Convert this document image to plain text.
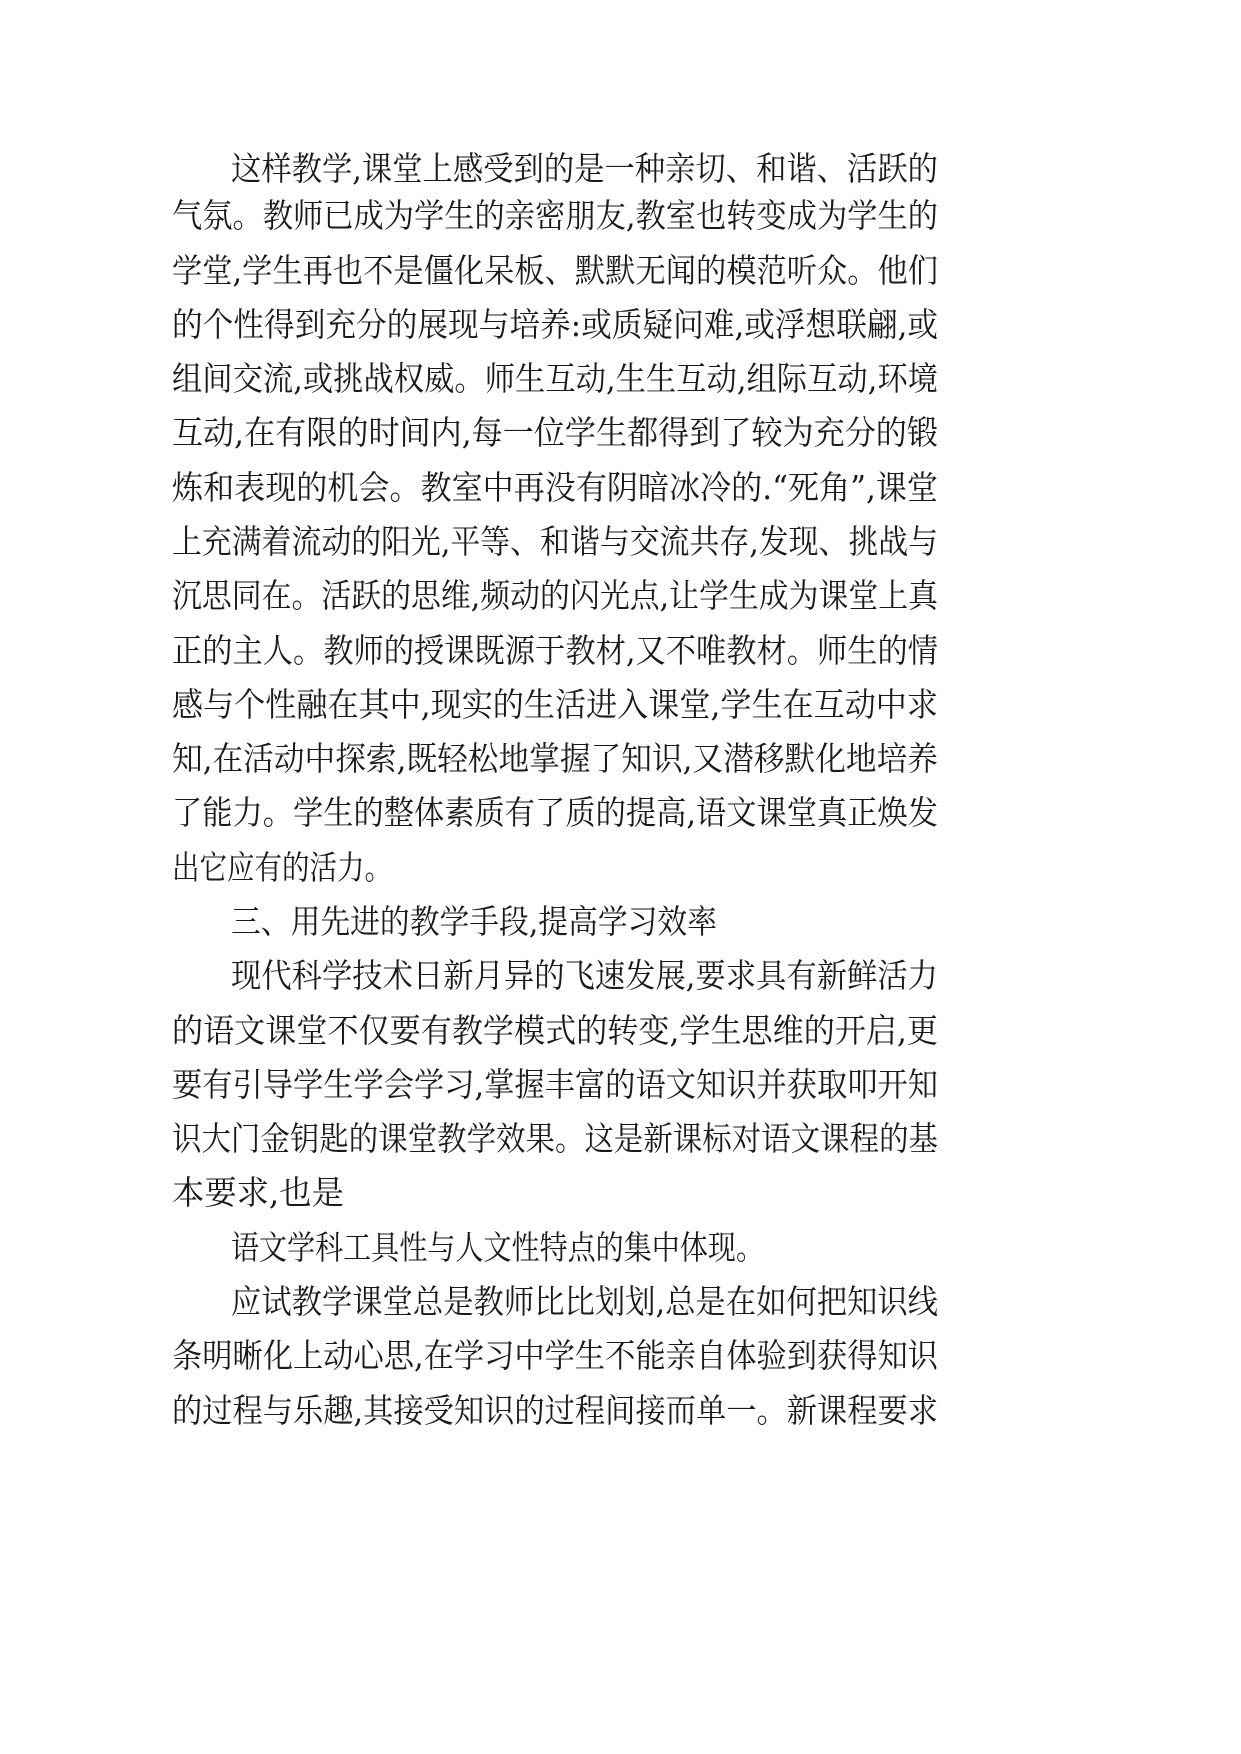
这样教学,课堂上感受到的是一种亲切、和谐、活跃的
气氛。教师已成为学生的亲密朋友,教室也转变成为学生的
学堂,学生再也不是僵化呆板、默默无闻的模范听众。他们
的个性得到充分的展现与培养:或质疑问难,或浮想联翩,或
组间交流,或挑战权威。师生互动,生生互动,组际互动,环境
互动,在有限的时间内,每一位学生都得到了较为充分的锻
炼和表现的机会。教室中再没有阴暗冰冷的.“死角”,课堂
上充满着流动的阳光,平等、和谐与交流共存,发现、挑战与
沉思同在。活跃的思维,频动的闪光点,让学生成为课堂上真
正的主人。教师的授课既源于教材,又不唯教材。师生的情
感与个性融在其中,现实的生活进入课堂,学生在互动中求
知,在活动中探索,既轻松地掌握了知识,又潜移默化地培养
了能力。学生的整体素质有了质的提高,语文课堂真正焕发
出它应有的活力。
三、用先进的教学手段,提高学习效率
现代科学技术日新月异的飞速发展,要求具有新鲜活力
的语文课堂不仅要有教学模式的转变,学生思维的开启,更
要有引导学生学会学习,掌握丰富的语文知识并获取叩开知
识大门金钥匙的课堂教学效果。这是新课标对语文课程的基
本要求,也是
语文学科工具性与人文性特点的集中体现。
应试教学课堂总是教师比比划划,总是在如何把知识线
条明晰化上动心思,在学习中学生不能亲自体验到获得知识
的过程与乐趣,其接受知识的过程间接而单一。新课程要求
